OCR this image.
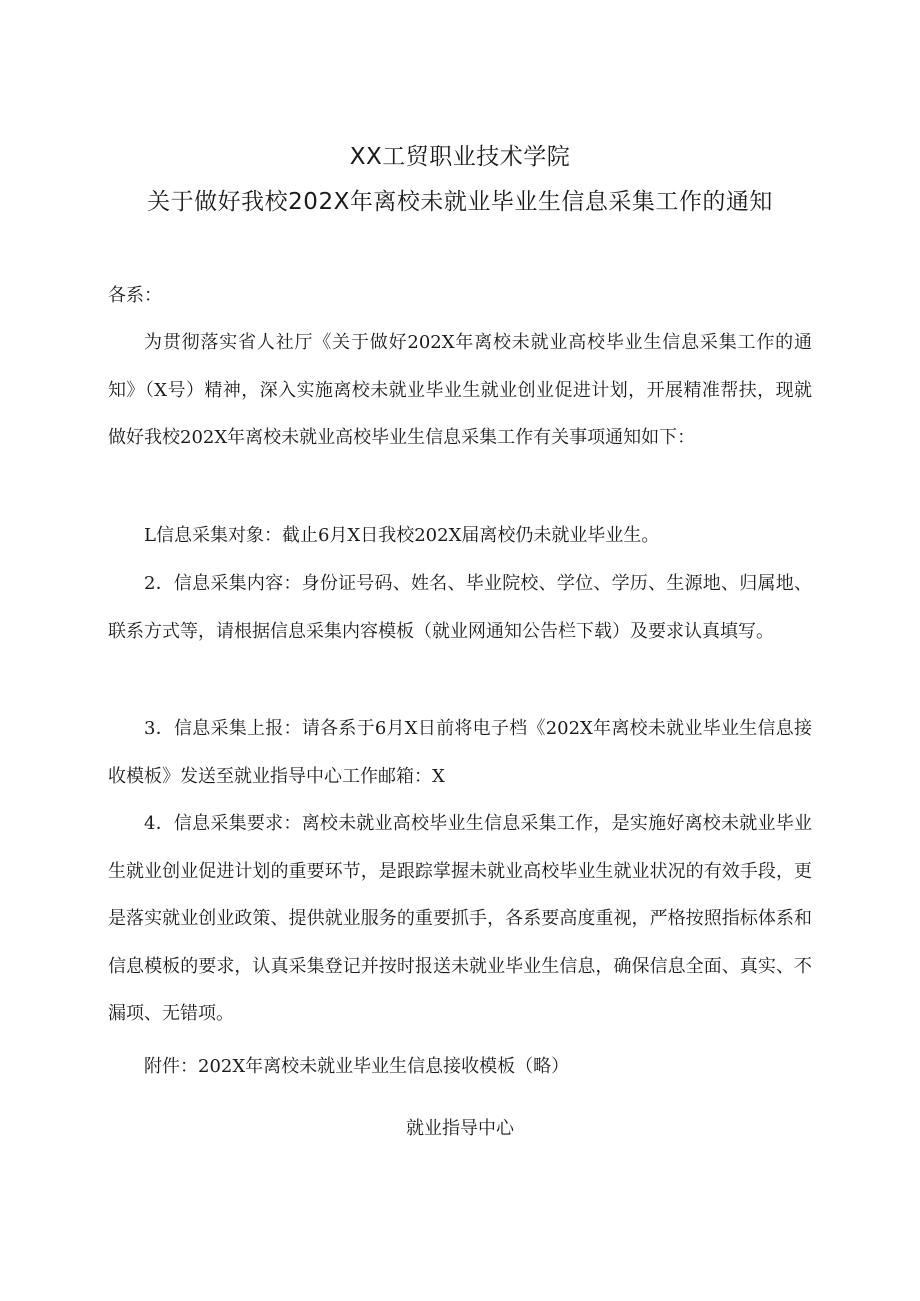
XX工贸职业技术学院
关于做好我校202X年离校未就业毕业生信息采集工作的通知
各系：

为贯彻落实省人社厅《关于做好202X年离校未就业高校毕业生信息采集工作的通知》（X号）精神，深入实施离校未就业毕业生就业创业促进计划，开展精准帮扶，现就做好我校202X年离校未就业高校毕业生信息采集工作有关事项通知如下：

L信息采集对象：截止6月X日我校202X届离校仍未就业毕业生。

2．信息采集内容：身份证号码、姓名、毕业院校、学位、学历、生源地、归属地、联系方式等，请根据信息采集内容模板（就业网通知公告栏下载）及要求认真填写。

3．信息采集上报：请各系于6月X日前将电子档《202X年离校未就业毕业生信息接收模板》发送至就业指导中心工作邮箱：X

4．信息采集要求：离校未就业高校毕业生信息采集工作，是实施好离校未就业毕业生就业创业促进计划的重要环节，是跟踪掌握未就业高校毕业生就业状况的有效手段，更是落实就业创业政策、提供就业服务的重要抓手，各系要高度重视，严格按照指标体系和信息模板的要求，认真采集登记并按时报送未就业毕业生信息，确保信息全面、真实、不漏项、无错项。

附件：202X年离校未就业毕业生信息接收模板（略）

就业指导中心
